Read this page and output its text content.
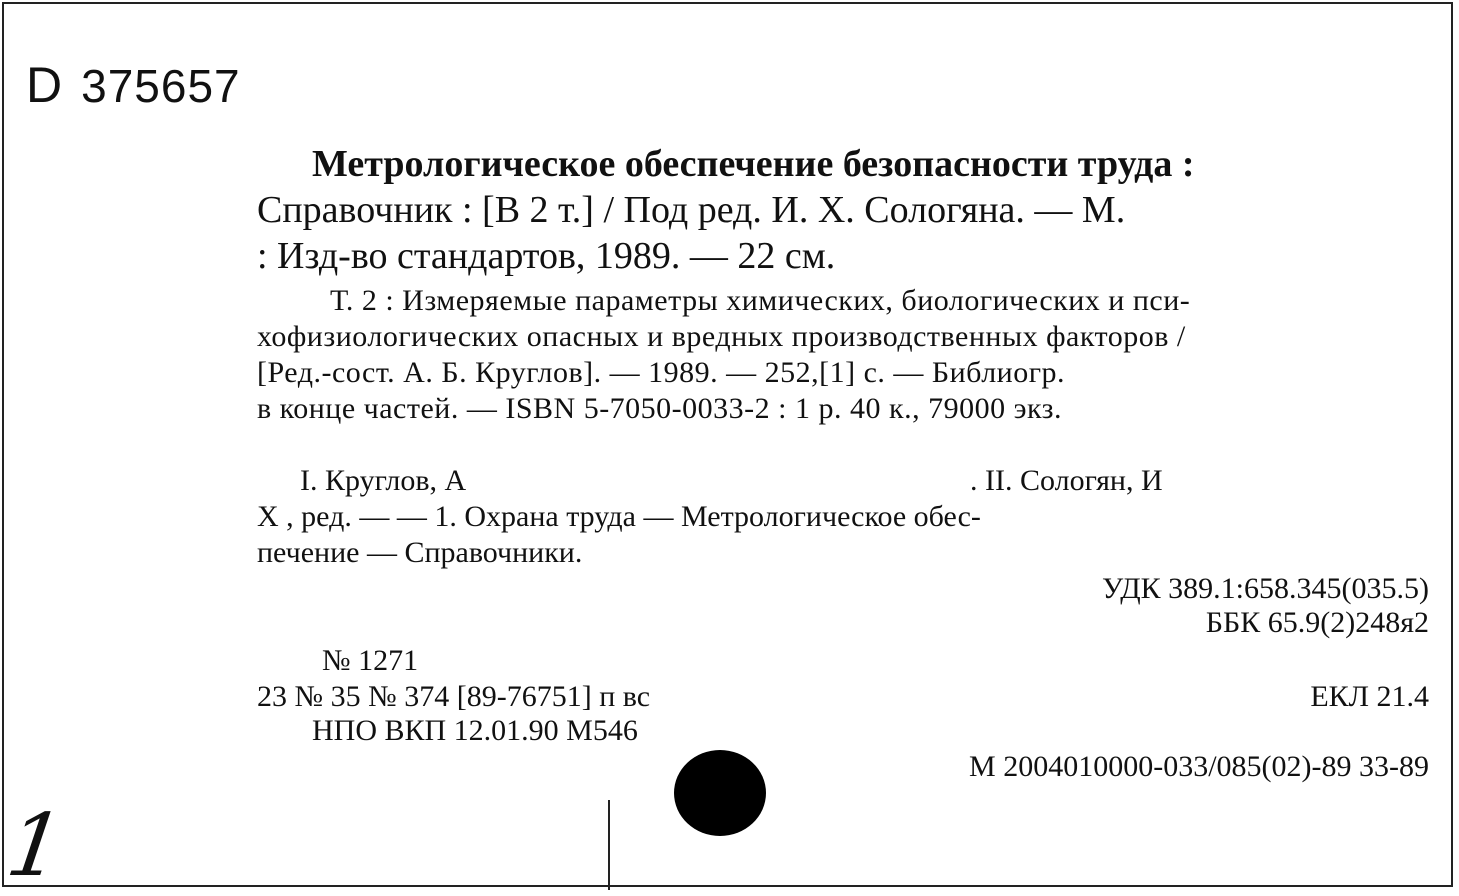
D 375657
Метрологическое обеспечение безопасности труда :
Справочник : [В 2 т.] / Под ред. И. Х. Сологяна. — М.
: Изд-во стандартов, 1989. — 22 см.
Т. 2 : Измеряемые параметры химических, биологических и пси-
хофизиологических опасных и вредных производственных факторов /
[Ред.-сост. А. Б. Круглов]. — 1989. — 252,[1] с. — Библиогр.
в конце частей. — ISBN 5-7050-0033-2 : 1 р. 40 к., 79000 экз.
I. Круглов, А	. II. Сологян, И
Х , ред. — — 1. Охрана труда — Метрологическое обес-
печение — Справочники.
УДК 389.1:658.345(035.5)
ББК 65.9(2)248я2
№ 1271
23 № 35 № 374 [89-76751] п вс	ЕКЛ 21.4
НПО ВКП 12.01.90 М546
М 2004010000-033/085(02)-89 33-89
1
